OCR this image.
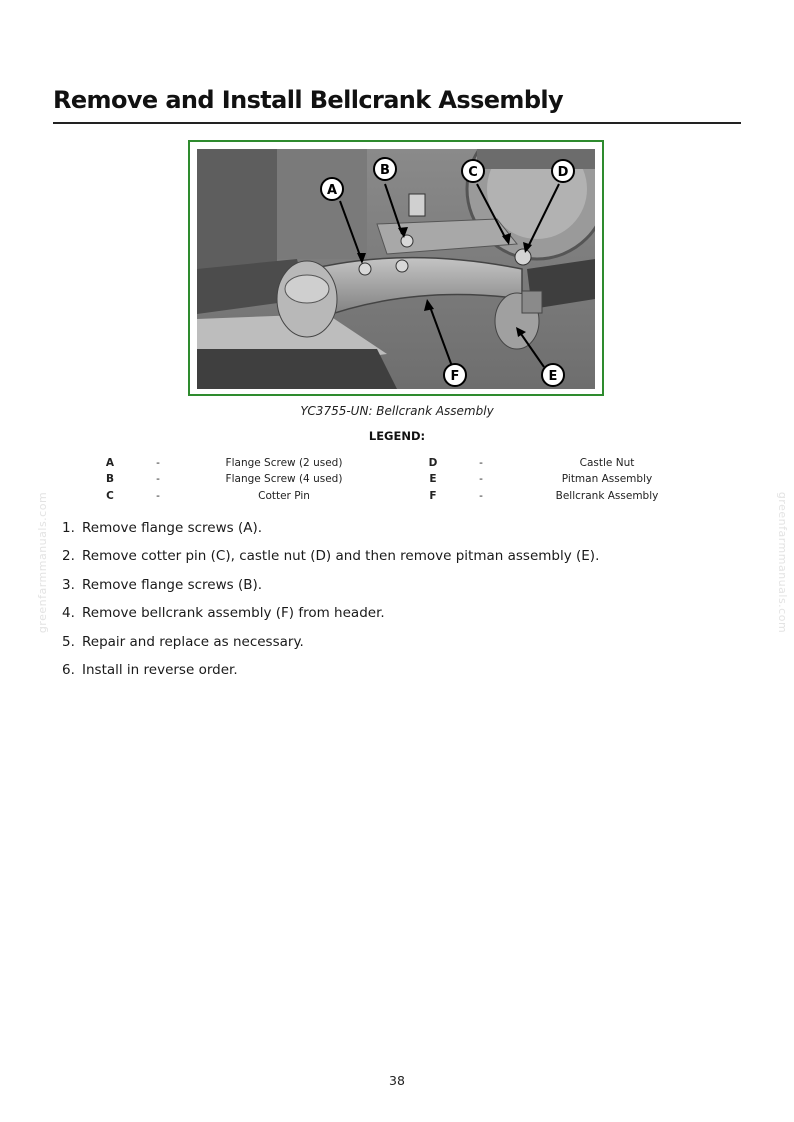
Remove and Install Bellcrank Assembly
A
B	C	D
E
F
YC3755-UN: Bellcrank Assembly
LEGEND:
A	-	Flange Screw (2 used)	D	-	Castle Nut
B	-	Flange Screw (4 used)	E	-	Pitman Assembly
C	-	Cotter Pin	F	-	Bellcrank Assembly
1. Remove flange screws (A).
2. Remove cotter pin (C), castle nut (D) and then remove pitman assembly (E).
3. Remove flange screws (B).
4. Remove bellcrank assembly (F) from header.
5. Repair and replace as necessary.
6. Install in reverse order.
greenfarmmanuals.com	greenfarmmanuals.com
38
